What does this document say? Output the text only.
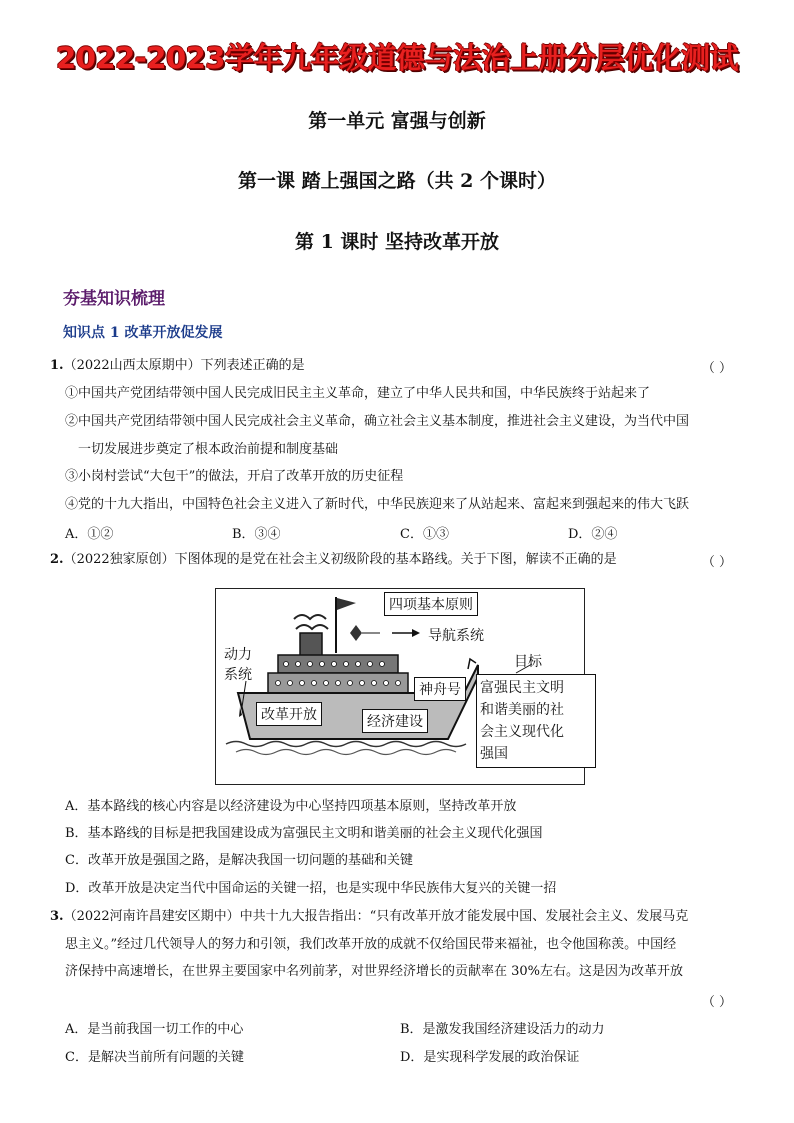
2022-2023学年九年级道德与法治上册分层优化测试
第一单元 富强与创新
第一课 踏上强国之路（共 2 个课时）
第 1 课时 坚持改革开放
夯基知识梳理
知识点 1 改革开放促发展
1.（2022山西太原期中）下列表述正确的是	（ ）
①中国共产党团结带领中国人民完成旧民主主义革命，建立了中华人民共和国，中华民族终于站起来了
②中国共产党团结带领中国人民完成社会主义革命，确立社会主义基本制度，推进社会主义建设，为当代中国
一切发展进步奠定了根本政治前提和制度基础
③小岗村尝试“大包干”的做法，开启了改革开放的历史征程
④党的十九大指出，中国特色社会主义进入了新时代，中华民族迎来了从站起来、富起来到强起来的伟大飞跃
A．①②	B．③④	C．①③	D．②④
2.（2022独家原创）下图体现的是党在社会主义初级阶段的基本路线。关于下图，解读不正确的是	（ ）
四项基本原则
导航系统
动力
系统
目标
神舟号
改革开放	经济建设
富强民主文明
和谐美丽的社
会主义现代化
强国
A．基本路线的核心内容是以经济建设为中心坚持四项基本原则，坚持改革开放
B．基本路线的目标是把我国建设成为富强民主文明和谐美丽的社会主义现代化强国
C．改革开放是强国之路，是解决我国一切问题的基础和关键
D．改革开放是决定当代中国命运的关键一招，也是实现中华民族伟大复兴的关键一招
3.（2022河南许昌建安区期中）中共十九大报告指出：“只有改革开放才能发展中国、发展社会主义、发展马克
思主义。”经过几代领导人的努力和引领，我们改革开放的成就不仅给国民带来福祉，也令他国称羡。中国经
济保持中高速增长，在世界主要国家中名列前茅，对世界经济增长的贡献率在 30%左右。这是因为改革开放
（ ）
A．是当前我国一切工作的中心	B．是激发我国经济建设活力的动力
C．是解决当前所有问题的关键	D．是实现科学发展的政治保证
